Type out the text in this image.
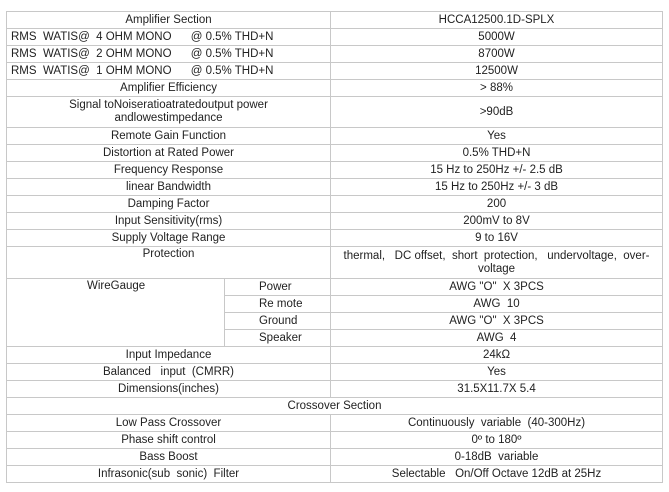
Amplifier Section		HCCA12500.1D-SPLX
RMS  WATIS@  4 OHM MONO      @ 0.5% THD+N		5000W
RMS  WATIS@  2 OHM MONO      @ 0.5% THD+N		8700W
RMS  WATIS@  1 OHM MONO      @ 0.5% THD+N		12500W
Amplifier Efficiency		> 88%
Signal toNoiseratioatratedoutput power
andlowestimpedance		>90dB
Remote Gain Function		Yes
Distortion at Rated Power		0.5% THD+N
Frequency Response		15 Hz to 250Hz +/- 2.5 dB
linear Bandwidth		15 Hz to 250Hz +/- 3 dB
Damping Factor		200
Input Sensitivity(rms)		200mV to 8V
Supply Voltage Range		9 to 16V
Protection		thermal,   DC offset,  short  protection,   undervoltage,  over-
voltage
WireGauge	Power	AWG "O"  X 3PCS
	Re mote	AWG  10
	Ground	AWG "O"  X 3PCS
	Speaker	AWG  4
Input Impedance		24kΩ
Balanced   input  (CMRR)		Yes
Dimensions(inches)		31.5X11.7X 5.4
Crossover Section		
Low Pass Crossover		Continuously  variable  (40-300Hz)
Phase shift control		0º to 180º
Bass Boost		0-18dB  variable
Infrasonic(sub  sonic)  Filter		Selectable   On/Off Octave 12dB at 25Hz
